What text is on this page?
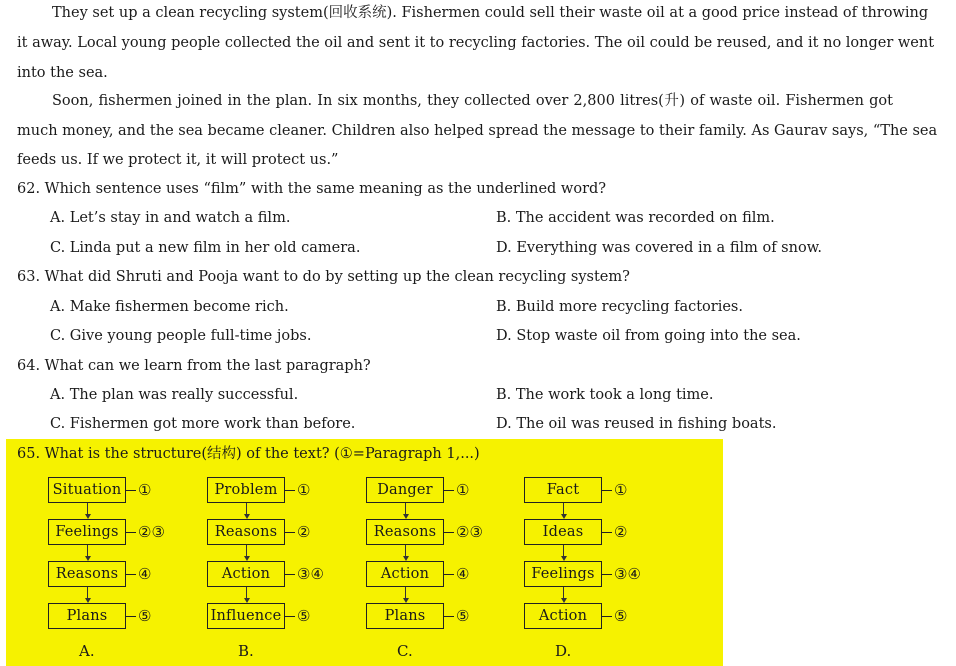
They set up a clean recycling system(回收系统). Fishermen could sell their waste oil at a good price instead of throwing
it away. Local young people collected the oil and sent it to recycling factories. The oil could be reused, and it no longer went
into the sea.
Soon, fishermen joined in the plan. In six months, they collected over 2,800 litres(升) of waste oil. Fishermen got
much money, and the sea became cleaner. Children also helped spread the message to their family. As Gaurav says, “The sea
feeds us. If we protect it, it will protect us.”
62. Which sentence uses “film” with the same meaning as the underlined word?
A. Let’s stay in and watch a film.	B. The accident was recorded on film.
C. Linda put a new film in her old camera.	D. Everything was covered in a film of snow.
63. What did Shruti and Pooja want to do by setting up the clean recycling system?
A. Make fishermen become rich.	B. Build more recycling factories.
C. Give young people full-time jobs.	D. Stop waste oil from going into the sea.
64. What can we learn from the last paragraph?
A. The plan was really successful.	B. The work took a long time.
C. Fishermen got more work than before.	D. The oil was reused in fishing boats.
65. What is the structure(结构) of the text? (①=Paragraph 1,...)
Situation	①
Feelings	②③
Reasons	④
Plans	⑤
A.
Problem	①
Reasons	②
Action	③④
Influence ⑤
B.
Danger	①
Reasons	②③
Action	④
Plans	⑤
C.
Fact	①
Ideas	②
Feelings	③④
Action	⑤
D.
